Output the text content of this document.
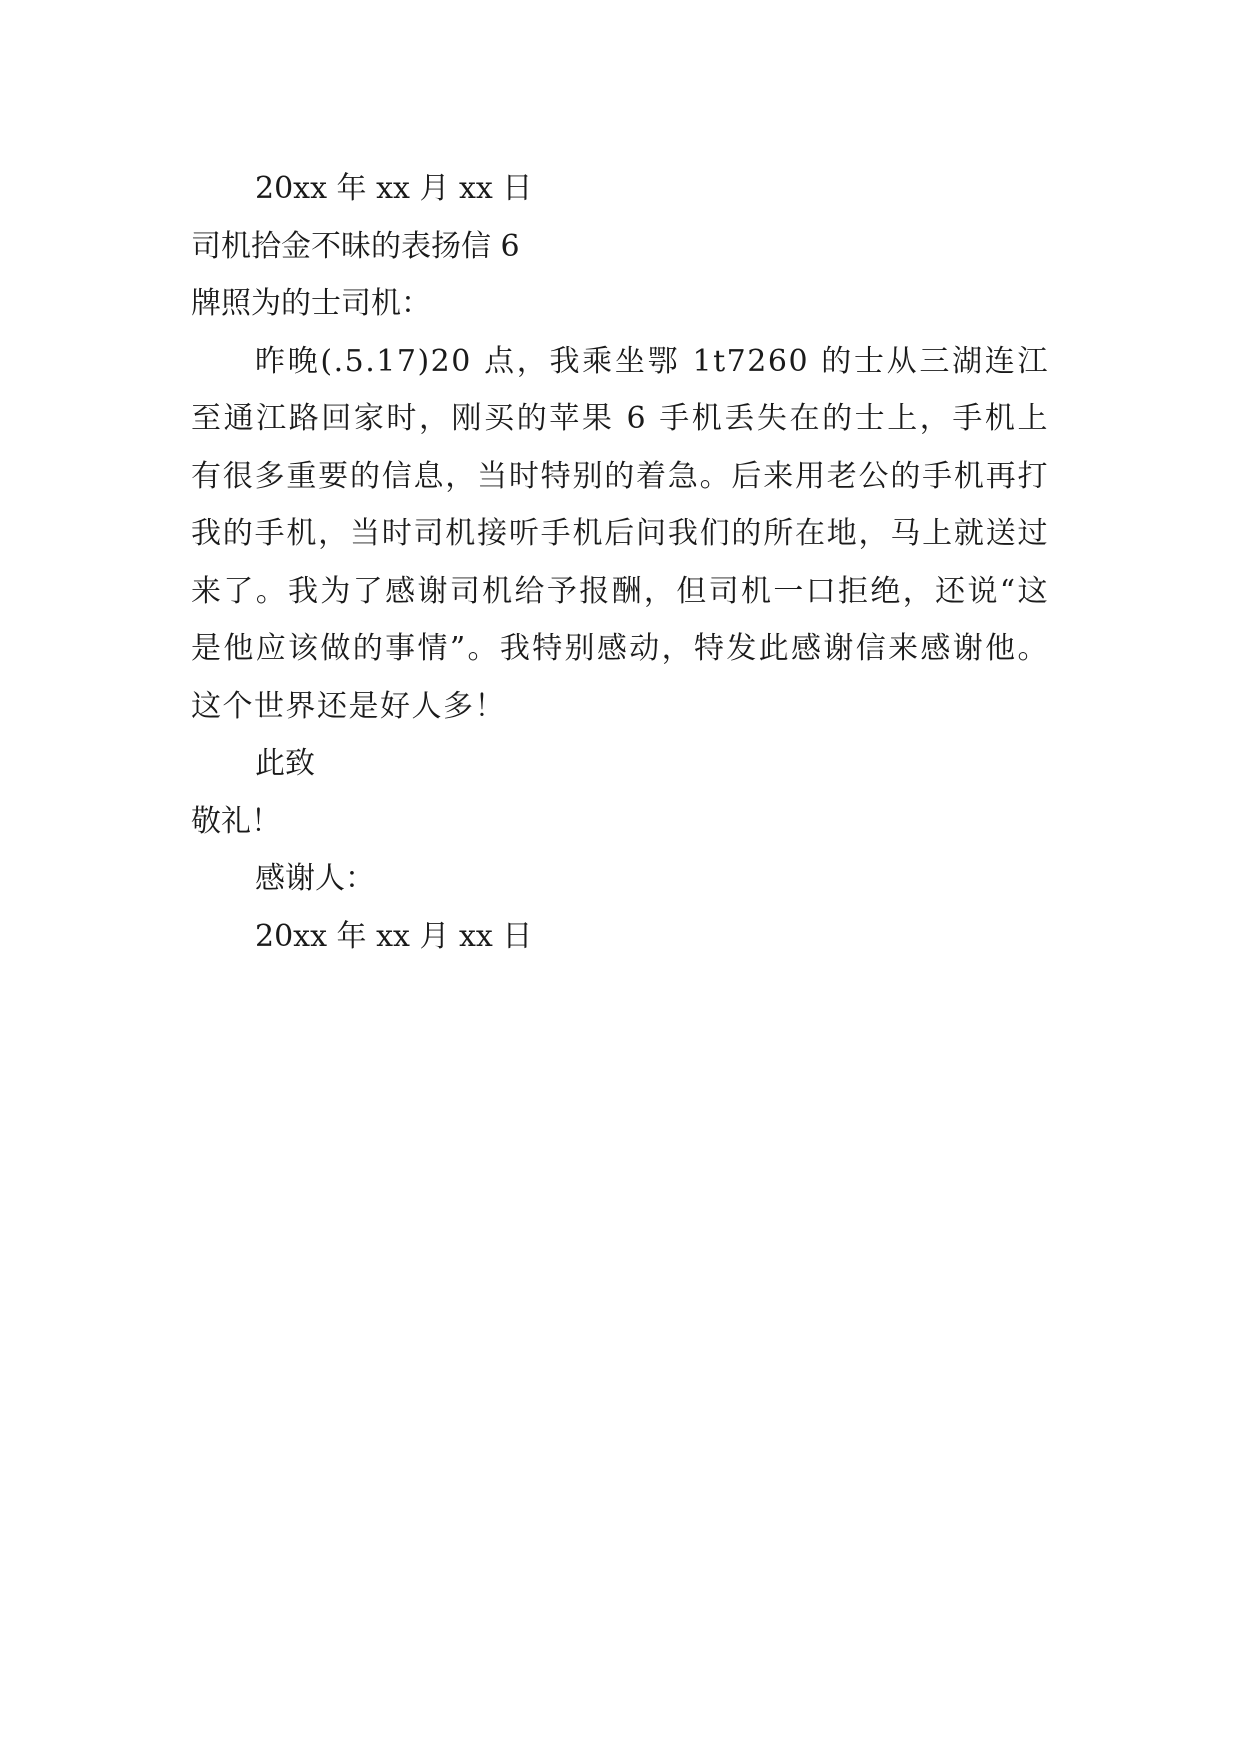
20xx 年 xx 月 xx 日

司机拾金不昧的表扬信 6

牌照为的士司机：

昨晚(.5.17)20 点，我乘坐鄂 1t7260 的士从三湖连江至通江路回家时，刚买的苹果 6 手机丢失在的士上，手机上有很多重要的信息，当时特别的着急。后来用老公的手机再打我的手机，当时司机接听手机后问我们的所在地，马上就送过来了。我为了感谢司机给予报酬，但司机一口拒绝，还说“这是他应该做的事情”。我特别感动，特发此感谢信来感谢他。这个世界还是好人多！

此致

敬礼！

感谢人：

20xx 年 xx 月 xx 日
